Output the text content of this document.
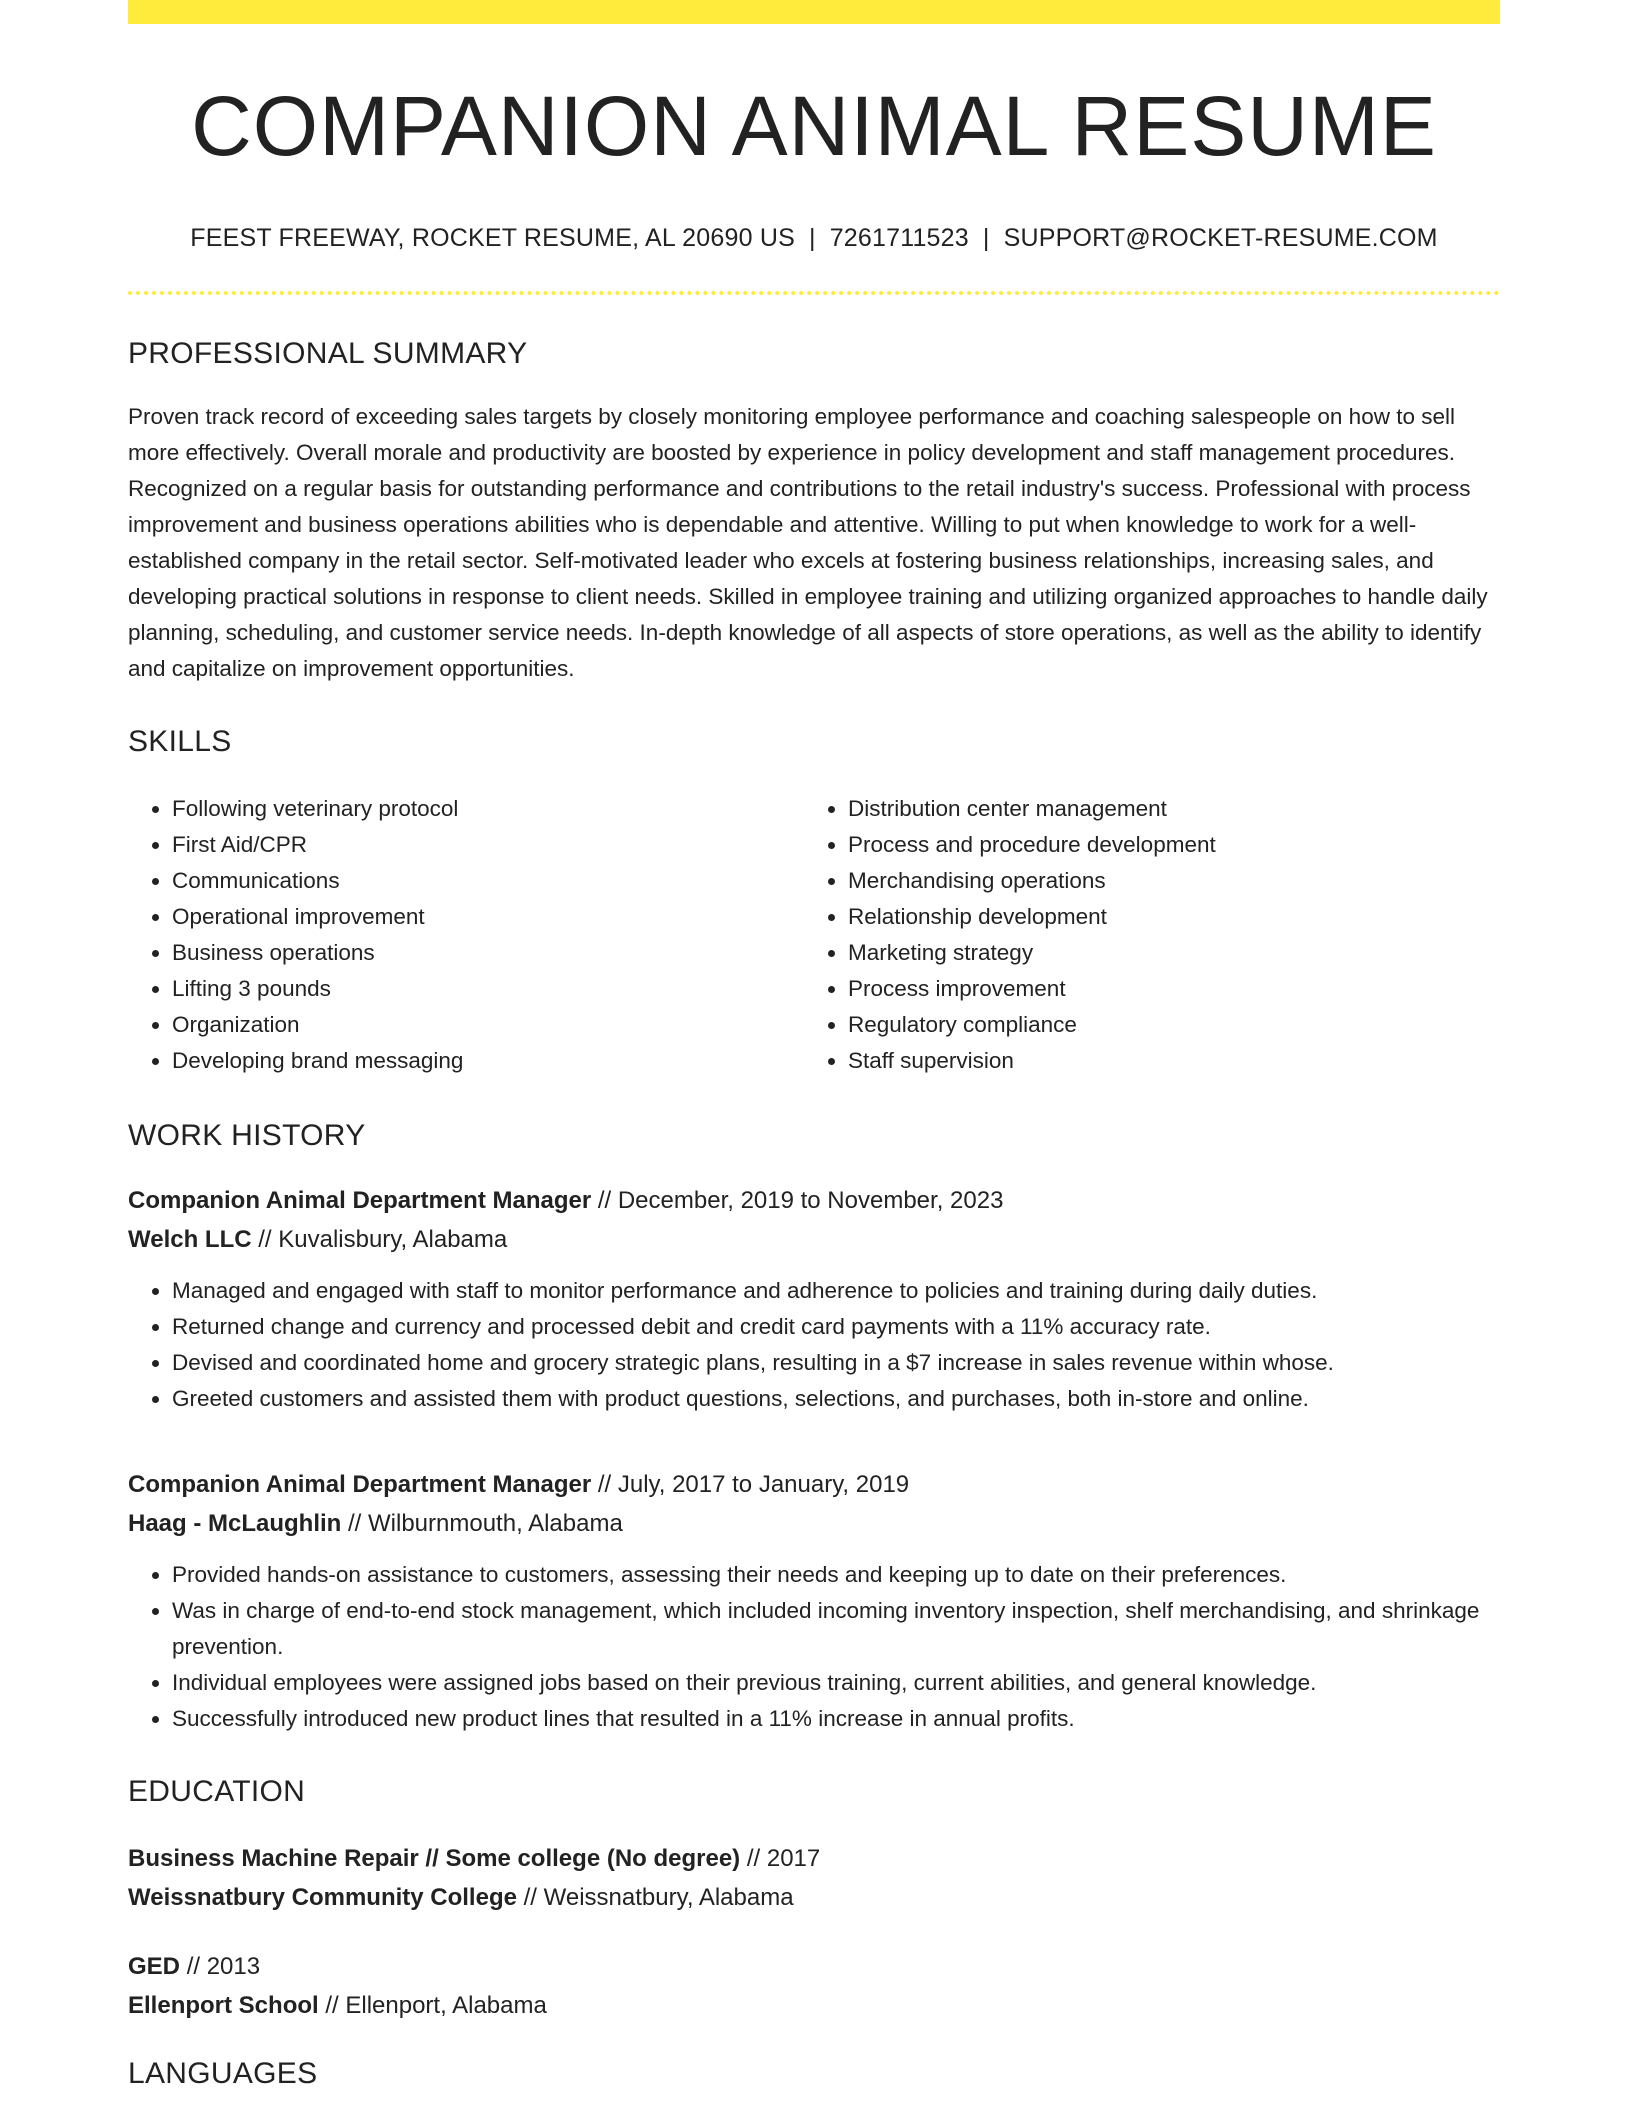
COMPANION ANIMAL RESUME
FEEST FREEWAY, ROCKET RESUME, AL 20690 US | 7261711523 | SUPPORT@ROCKET-RESUME.COM
PROFESSIONAL SUMMARY

Proven track record of exceeding sales targets by closely monitoring employee performance and coaching salespeople on how to sell more effectively. Overall morale and productivity are boosted by experience in policy development and staff management procedures. Recognized on a regular basis for outstanding performance and contributions to the retail industry's success. Professional with process improvement and business operations abilities who is dependable and attentive. Willing to put when knowledge to work for a well-established company in the retail sector. Self-motivated leader who excels at fostering business relationships, increasing sales, and developing practical solutions in response to client needs. Skilled in employee training and utilizing organized approaches to handle daily planning, scheduling, and customer service needs. In-depth knowledge of all aspects of store operations, as well as the ability to identify and capitalize on improvement opportunities.

SKILLS
• Following veterinary protocol
• First Aid/CPR
• Communications
• Operational improvement
• Business operations
• Lifting 3 pounds
• Organization
• Developing brand messaging
• Distribution center management
• Process and procedure development
• Merchandising operations
• Relationship development
• Marketing strategy
• Process improvement
• Regulatory compliance
• Staff supervision
WORK HISTORY
Companion Animal Department Manager // December, 2019 to November, 2023
Welch LLC // Kuvalisbury, Alabama
• Managed and engaged with staff to monitor performance and adherence to policies and training during daily duties.
• Returned change and currency and processed debit and credit card payments with a 11% accuracy rate.
• Devised and coordinated home and grocery strategic plans, resulting in a $7 increase in sales revenue within whose.
• Greeted customers and assisted them with product questions, selections, and purchases, both in-store and online.
Companion Animal Department Manager // July, 2017 to January, 2019
Haag - McLaughlin // Wilburnmouth, Alabama
• Provided hands-on assistance to customers, assessing their needs and keeping up to date on their preferences.
• Was in charge of end-to-end stock management, which included incoming inventory inspection, shelf merchandising, and shrinkage prevention.
• Individual employees were assigned jobs based on their previous training, current abilities, and general knowledge.
• Successfully introduced new product lines that resulted in a 11% increase in annual profits.
EDUCATION
Business Machine Repair // Some college (No degree) // 2017
Weissnatbury Community College // Weissnatbury, Alabama
GED // 2013
Ellenport School // Ellenport, Alabama
LANGUAGES
